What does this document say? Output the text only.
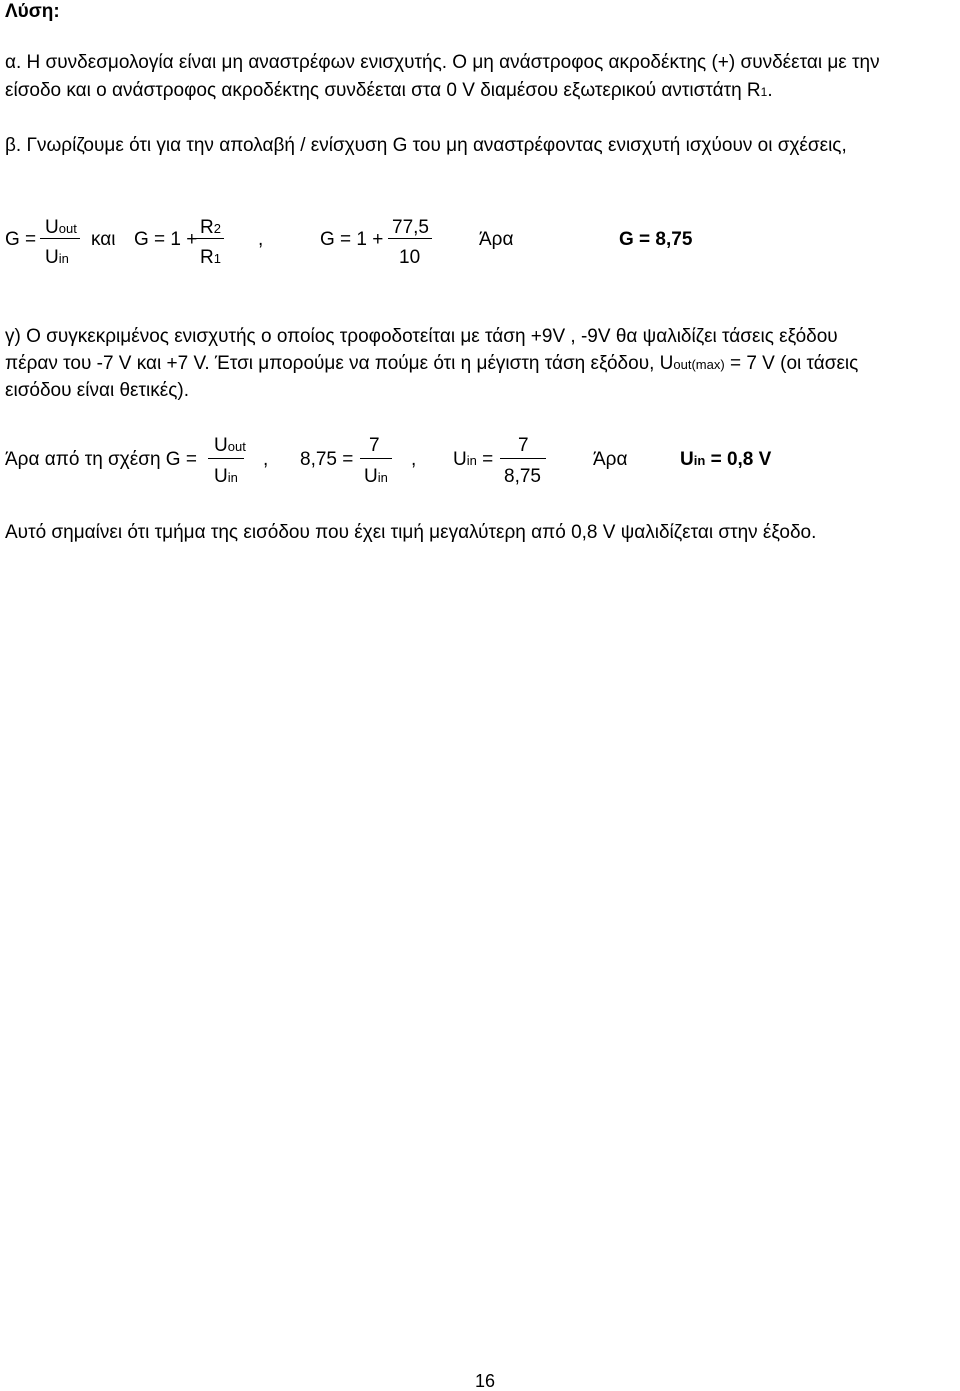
Λύση:
α. Η συνδεσμολογία είναι μη αναστρέφων ενισχυτής. Ο μη ανάστροφος ακροδέκτης (+) συνδέεται με την
είσοδο και ο ανάστροφος ακροδέκτης συνδέεται στα 0 V διαμέσου εξωτερικού αντιστάτη R1.
β. Γνωρίζουμε ότι για την απολαβή / ενίσχυση G του μη αναστρέφοντας ενισχυτή ισχύουν οι σχέσεις,
G =
Uout
Uin
και G = 1 +
R2
R1
,	G = 1 +
77,5
10
Άρα	G = 8,75
γ) Ο συγκεκριμένος ενισχυτής ο οποίος τροφοδοτείται με τάση +9V , -9V θα ψαλιδίζει τάσεις εξόδου
πέραν του -7 V και +7 V. Έτσι μπορούμε να πούμε ότι η μέγιστη τάση εξόδου, Uout(max) = 7 V (οι τάσεις
εισόδου είναι θετικές).
Άρα από τη σχέση G =
Uout
Uin
, 8,75 =
7
Uin
, Uin =
7
8,75
Άρα	Uin = 0,8 V
Αυτό σημαίνει ότι τμήμα της εισόδου που έχει τιμή μεγαλύτερη από 0,8 V ψαλιδίζεται στην έξοδο.
16
